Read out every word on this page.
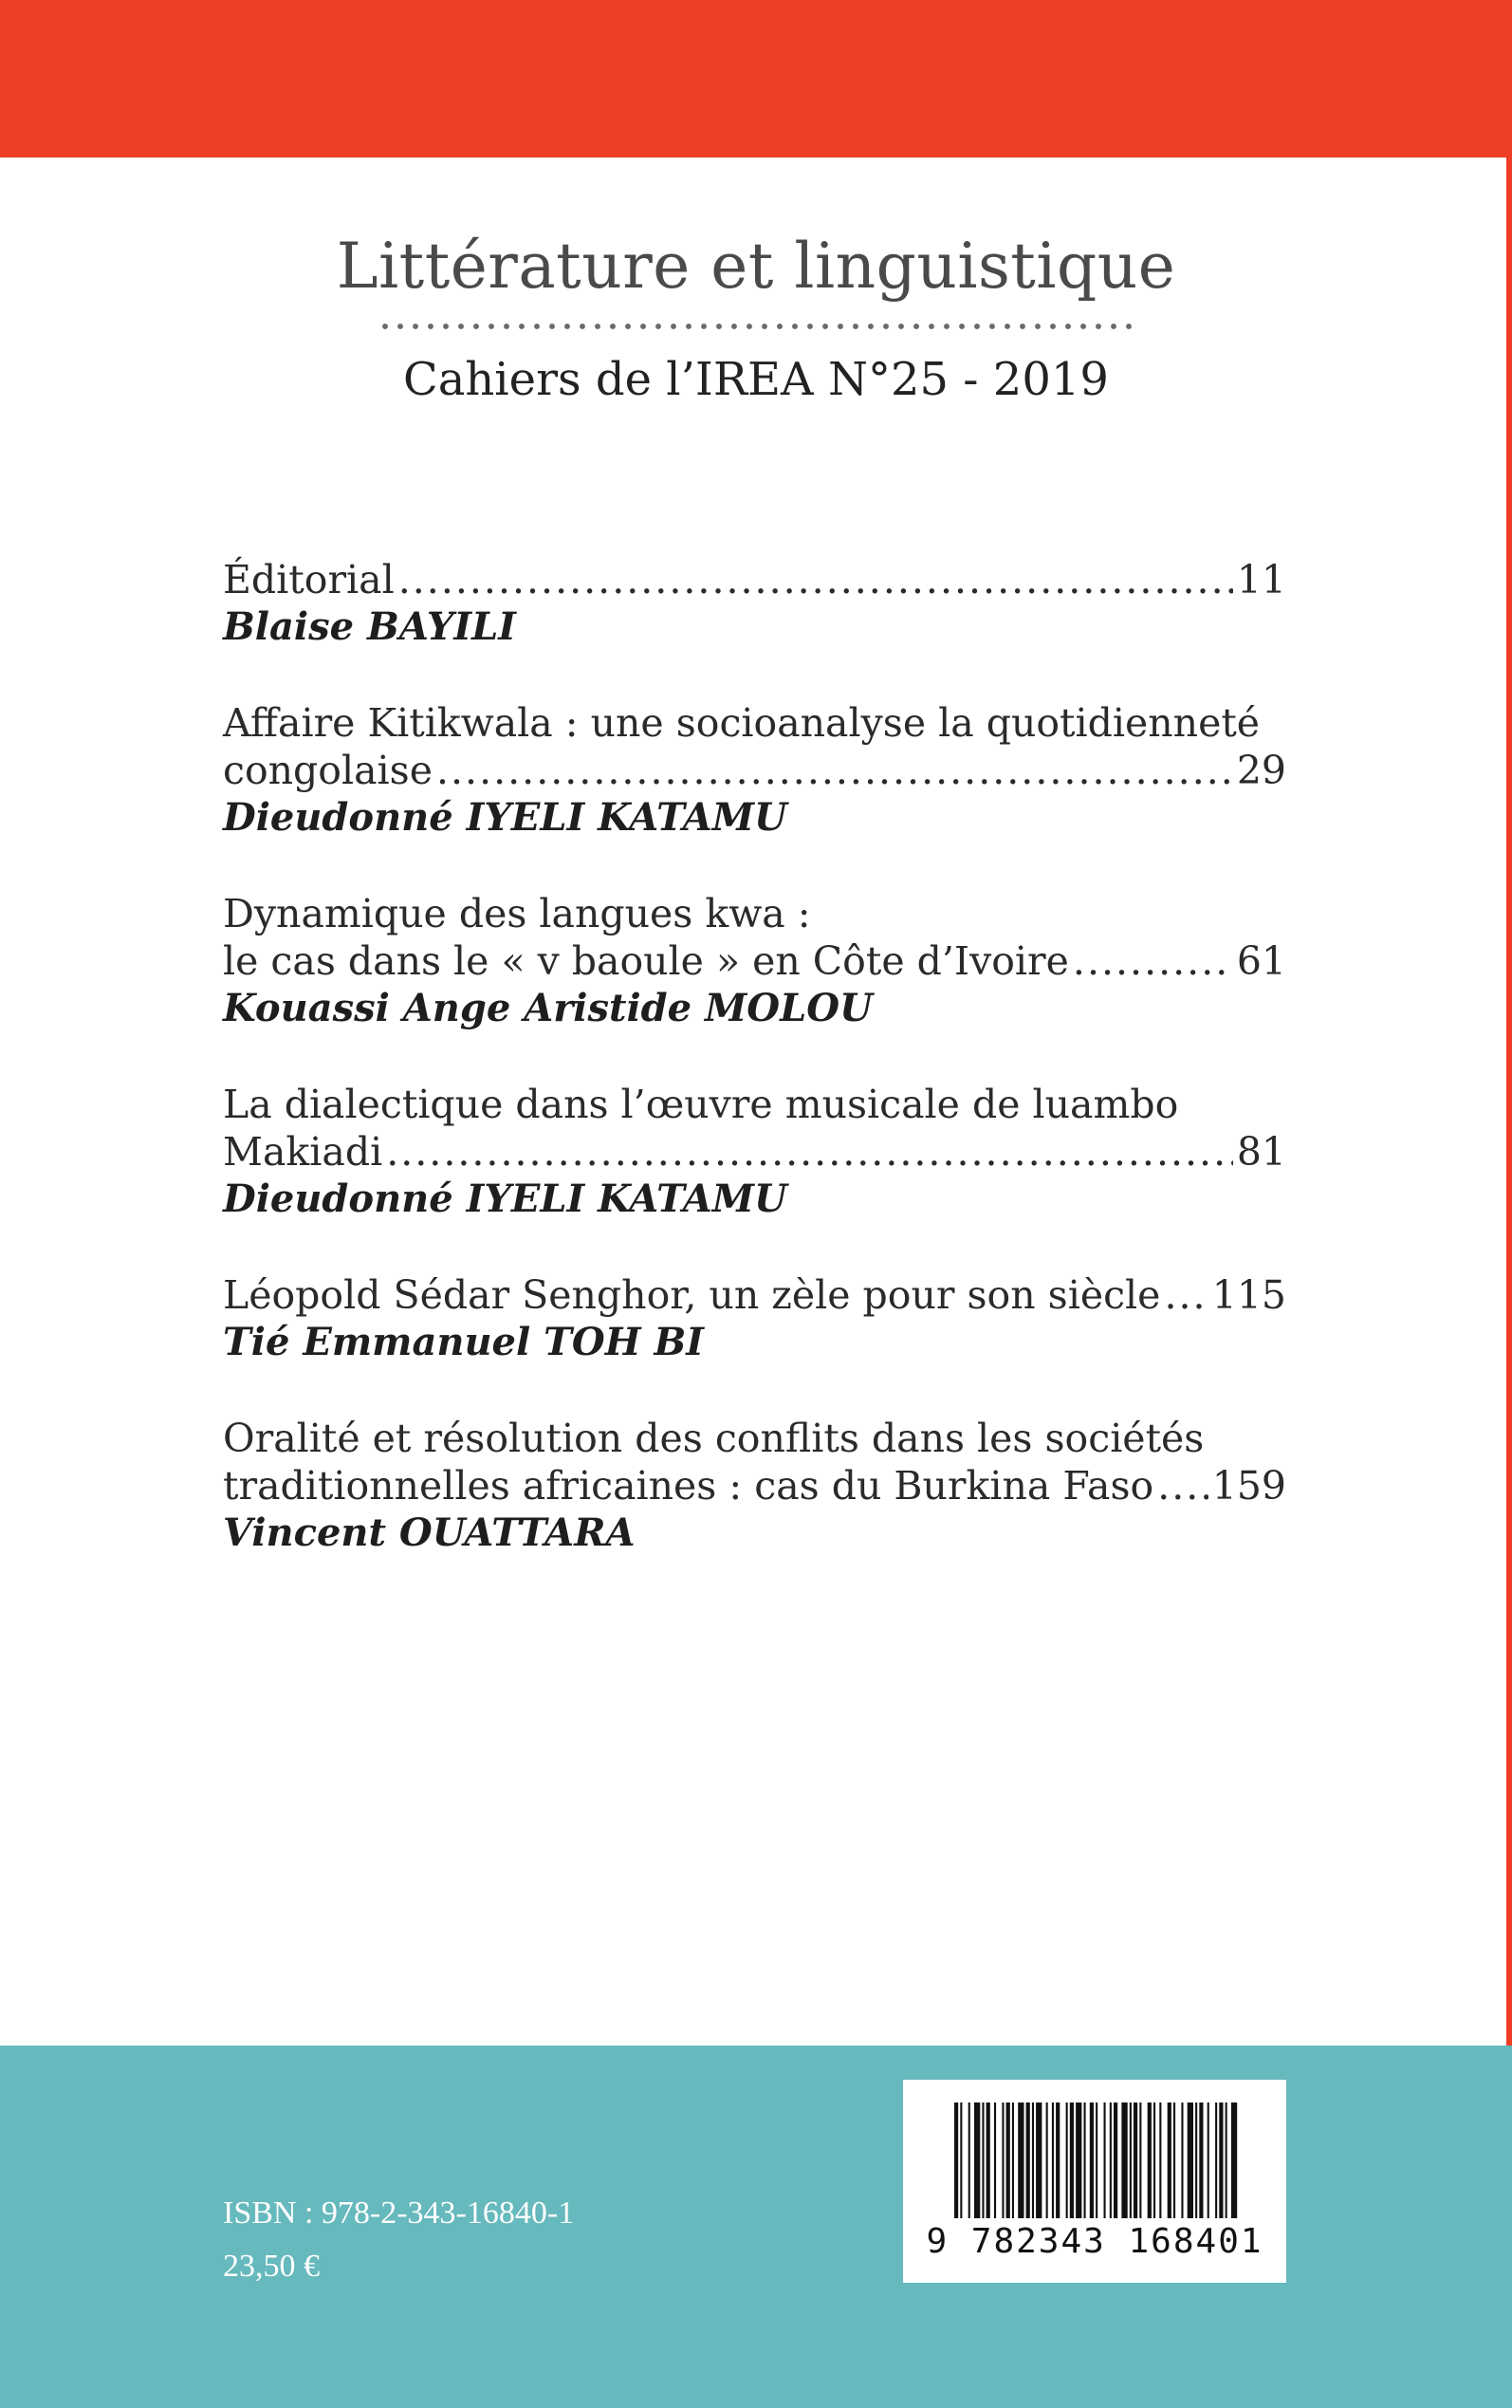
Littérature et linguistique
Cahiers de l’IREA N°25 - 2019
Éditorial .....	11
Blaise BAYILI
Affaire Kitikwala : une socioanalyse la quotidienneté
congolaise .....	29
Dieudonné IYELI KATAMU
Dynamique des langues kwa :
le cas dans le « v baoule » en Côte d’Ivoire .....	61
Kouassi Ange Aristide MOLOU
La dialectique dans l’œuvre musicale de luambo
Makiadi .....	81
Dieudonné IYELI KATAMU
Léopold Sédar Senghor, un zèle pour son siècle ..... 115
Tié Emmanuel TOH BI
Oralité et résolution des conflits dans les sociétés
traditionnelles africaines : cas du Burkina Faso ..... 159
Vincent OUATTARA
ISBN : 978-2-343-16840-1
23,50 €
9 782343 168401
